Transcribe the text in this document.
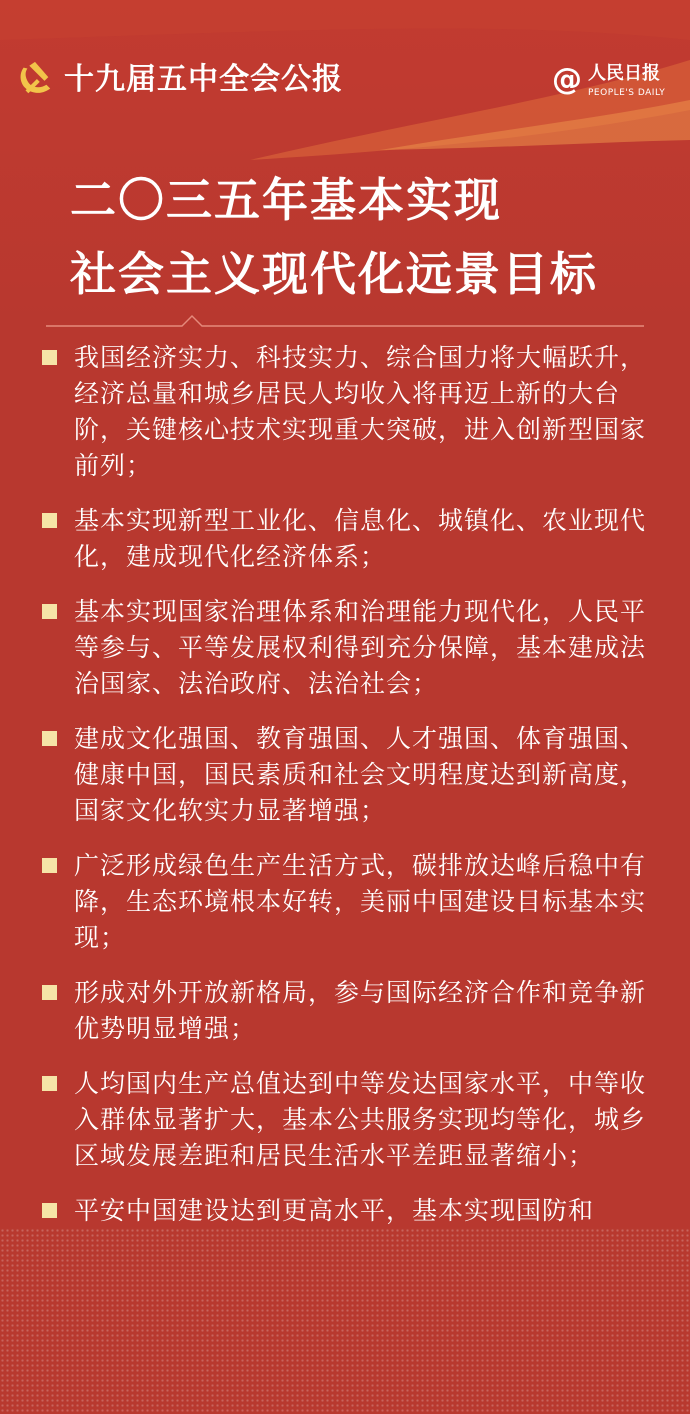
十九届五中全会公报	@ 人民日报
PEOPLE'S DAILY
二〇三五年基本实现
社会主义现代化远景目标
我国经济实力、科技实力、综合国力将大幅跃升，经济总量和城乡居民人均收入将再迈上新的大台阶，关键核心技术实现重大突破，进入创新型国家前列；
基本实现新型工业化、信息化、城镇化、农业现代化，建成现代化经济体系；
基本实现国家治理体系和治理能力现代化，人民平等参与、平等发展权利得到充分保障，基本建成法治国家、法治政府、法治社会；
建成文化强国、教育强国、人才强国、体育强国、健康中国，国民素质和社会文明程度达到新高度，国家文化软实力显著增强；
广泛形成绿色生产生活方式，碳排放达峰后稳中有降，生态环境根本好转，美丽中国建设目标基本实现；
形成对外开放新格局，参与国际经济合作和竞争新优势明显增强；
人均国内生产总值达到中等发达国家水平，中等收入群体显著扩大，基本公共服务实现均等化，城乡区域发展差距和居民生活水平差距显著缩小；
平安中国建设达到更高水平，基本实现国防和
